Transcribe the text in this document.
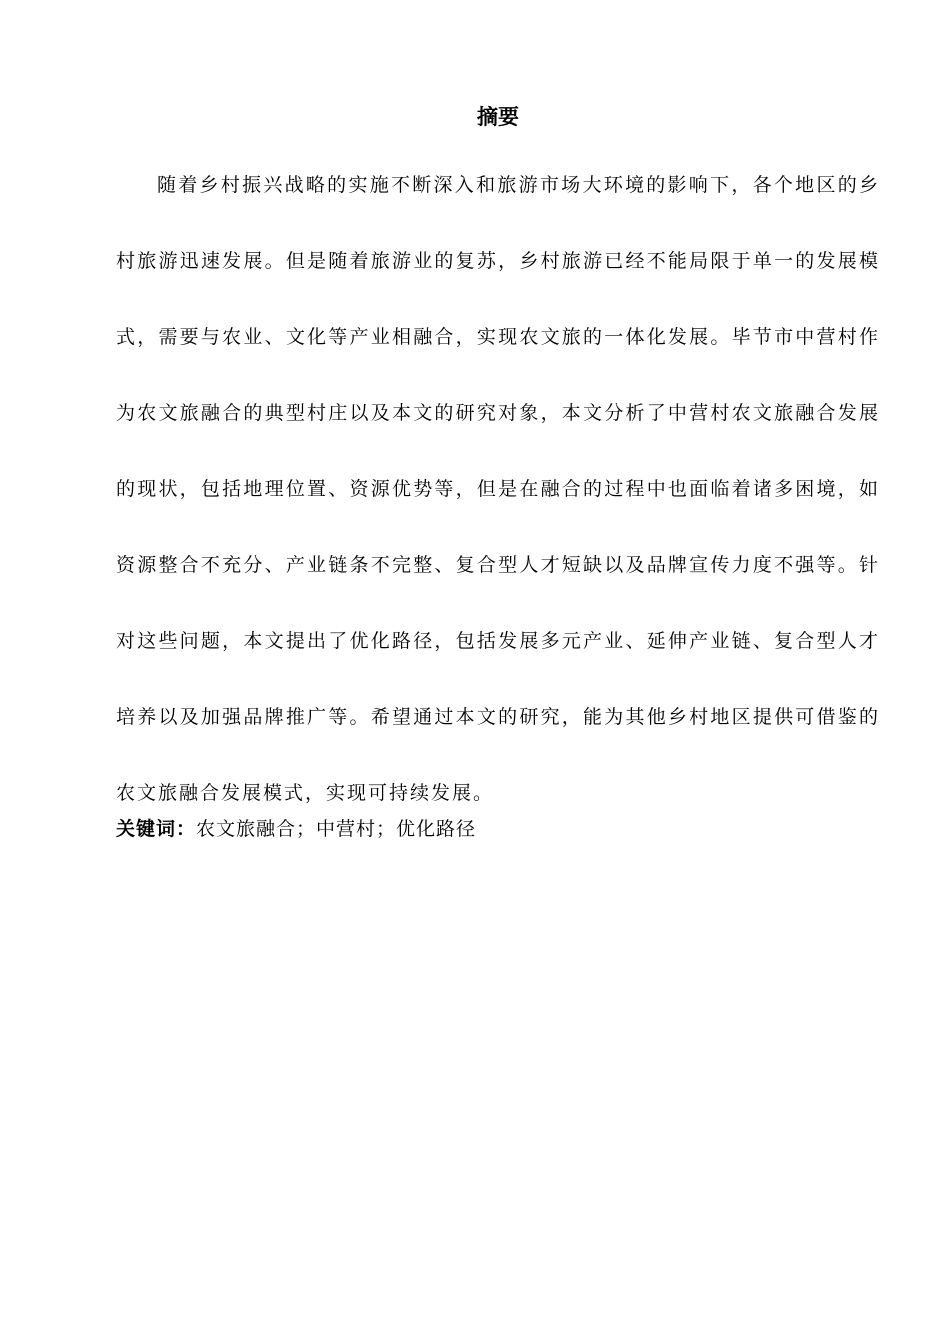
摘要

随着乡村振兴战略的实施不断深入和旅游市场大环境的影响下，各个地区的乡村旅游迅速发展。但是随着旅游业的复苏，乡村旅游已经不能局限于单一的发展模式，需要与农业、文化等产业相融合，实现农文旅的一体化发展。毕节市中营村作为农文旅融合的典型村庄以及本文的研究对象，本文分析了中营村农文旅融合发展的现状，包括地理位置、资源优势等，但是在融合的过程中也面临着诸多困境，如资源整合不充分、产业链条不完整、复合型人才短缺以及品牌宣传力度不强等。针对这些问题，本文提出了优化路径，包括发展多元产业、延伸产业链、复合型人才培养以及加强品牌推广等。希望通过本文的研究，能为其他乡村地区提供可借鉴的农文旅融合发展模式，实现可持续发展。

关键词：农文旅融合；中营村；优化路径
